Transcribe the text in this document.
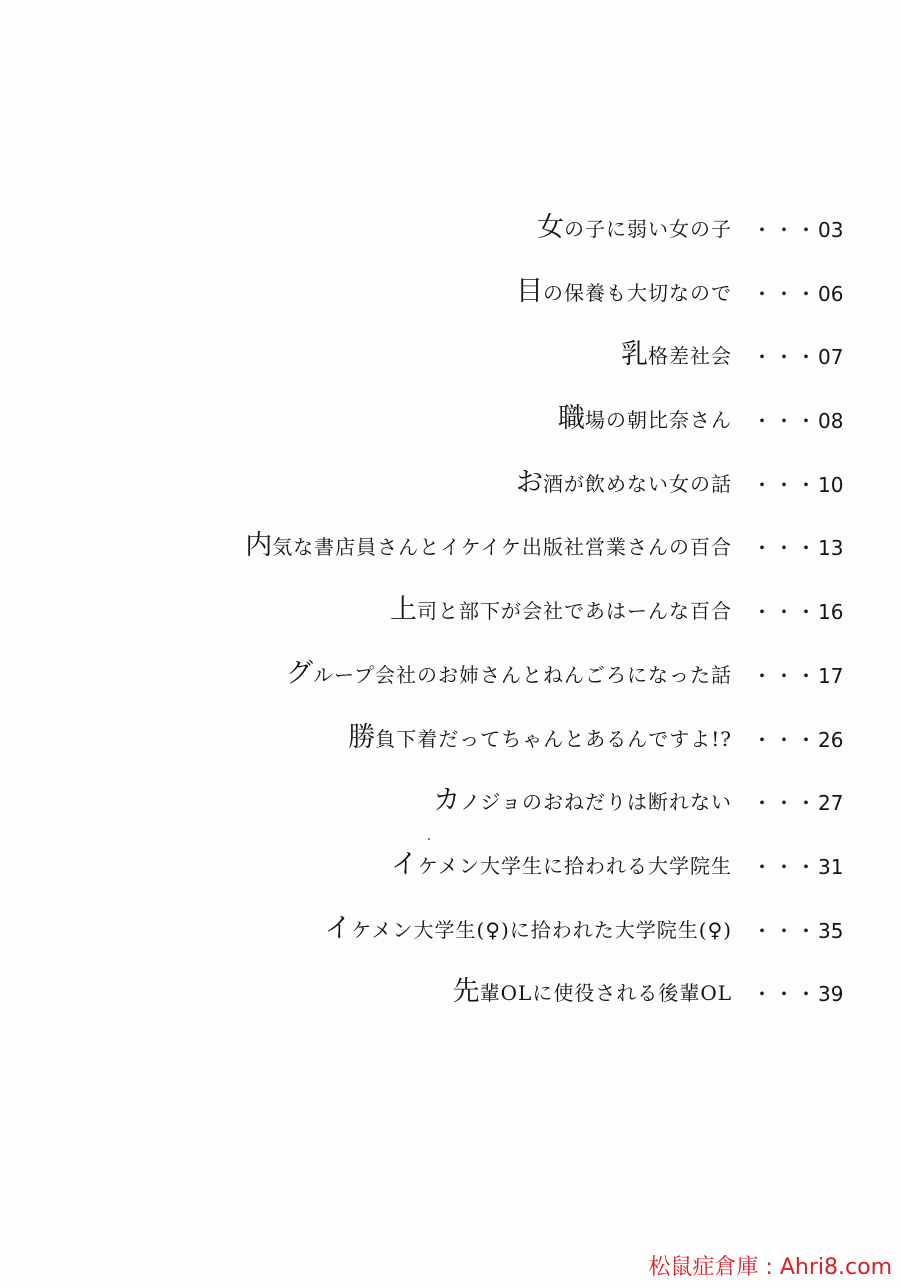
女の子に弱い女の子 ・・・03
目の保養も大切なので ・・・06
乳格差社会 ・・・07
職場の朝比奈さん ・・・08
お酒が飲めない女の話 ・・・10
内気な書店員さんとイケイケ出版社営業さんの百合 ・・・13
上司と部下が会社であはーんな百合 ・・・16
グループ会社のお姉さんとねんごろになった話 ・・・17
勝負下着だってちゃんとあるんですよ!? ・・・26
カノジョのおねだりは断れない ・・・27
イケメン大学生に拾われる大学院生 ・・・31
イケメン大学生(♀)に拾われた大学院生(♀) ・・・35
先輩OLに使役される後輩OL ・・・39
松鼠症倉庫 : Ahri8.com
